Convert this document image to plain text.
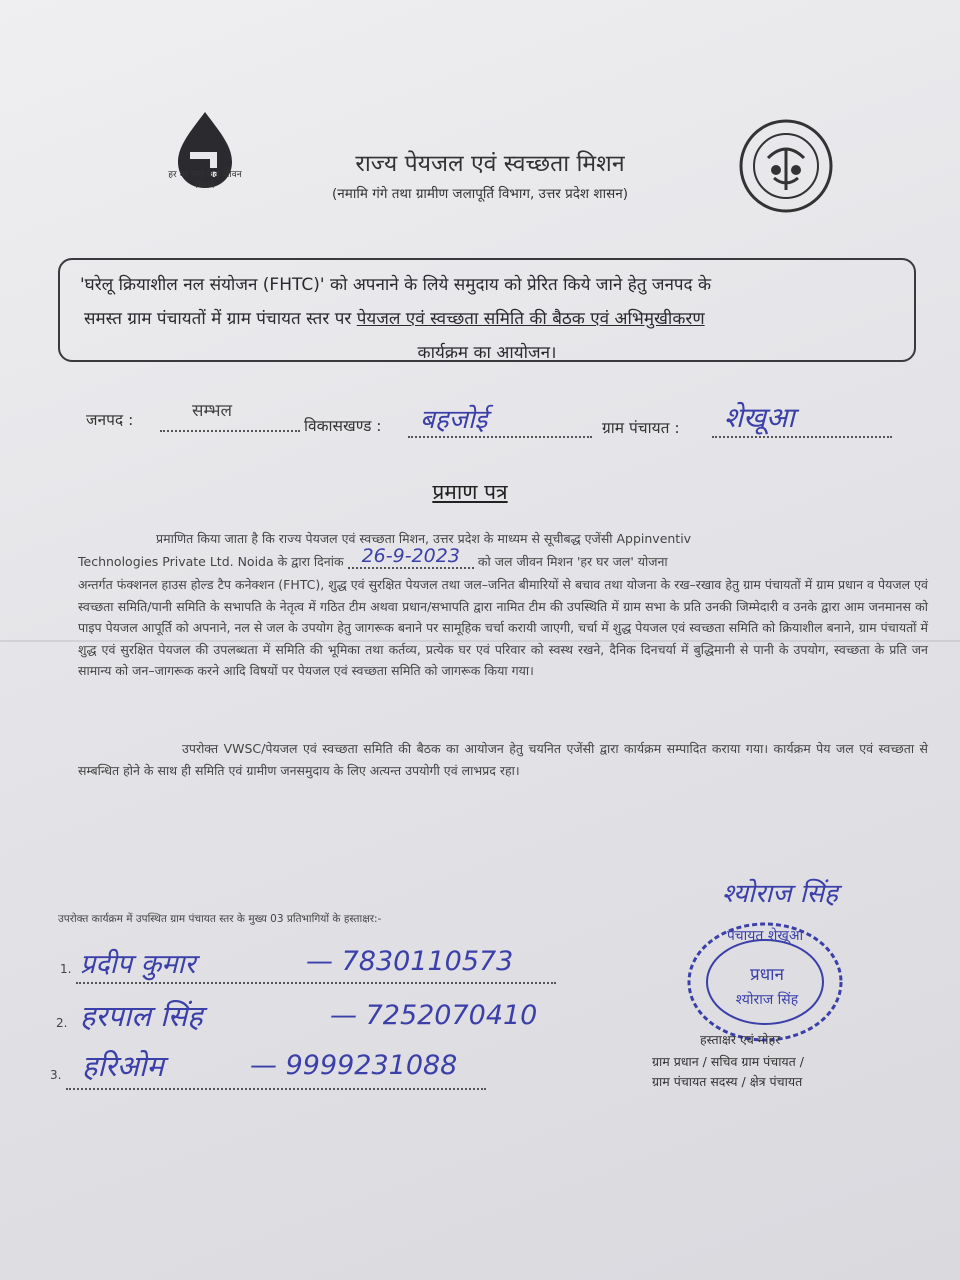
हर घर जल जल जीवन मिशन
राज्य पेयजल एवं स्वच्छता मिशन
(नमामि गंगे तथा ग्रामीण जलापूर्ति विभाग, उत्तर प्रदेश शासन)
'घरेलू क्रियाशील नल संयोजन (FHTC)' को अपनाने के लिये समुदाय को प्रेरित किये जाने हेतु जनपद के
समस्त ग्राम पंचायतों में ग्राम पंचायत स्तर पर पेयजल एवं स्वच्छता समिति की बैठक एवं अभिमुखीकरण
कार्यक्रम का आयोजन।
जनपद :	सम्भल
विकासखण्ड : बहजोई	ग्राम पंचायत : शेखूआ
प्रमाण पत्र
प्रमाणित किया जाता है कि राज्य पेयजल एवं स्वच्छता मिशन, उत्तर प्रदेश के माध्यम से सूचीबद्ध एजेंसी Appinventiv
Technologies Private Ltd. Noida के द्वारा दिनांक 26-9-2023 को जल जीवन मिशन 'हर घर जल' योजना
अन्तर्गत फंक्शनल हाउस होल्ड टैप कनेक्शन (FHTC), शुद्ध एवं सुरक्षित पेयजल तथा जल–जनित बीमारियों से बचाव तथा योजना के रख–रखाव हेतु ग्राम पंचायतों में ग्राम प्रधान व पेयजल एवं स्वच्छता समिति/पानी समिति के सभापति के नेतृत्व में गठित टीम अथवा प्रधान/सभापति द्वारा नामित टीम की उपस्थिति में ग्राम सभा के प्रति उनकी जिम्मेदारी व उनके द्वारा आम जनमानस को पाइप पेयजल आपूर्ति को अपनाने, नल से जल के उपयोग हेतु जागरूक बनाने पर सामूहिक चर्चा करायी जाएगी, चर्चा में शुद्ध पेयजल एवं स्वच्छता समिति को क्रियाशील बनाने, ग्राम पंचायतों में शुद्ध एवं सुरक्षित पेयजल की उपलब्धता में समिति की भूमिका तथा कर्तव्य, प्रत्येक घर एवं परिवार को स्वस्थ रखने, दैनिक दिनचर्या में बुद्धिमानी से पानी के उपयोग, स्वच्छता के प्रति जन सामान्य को जन–जागरूक करने आदि विषयों पर पेयजल एवं स्वच्छता समिति को जागरूक किया गया।
उपरोक्त VWSC/पेयजल एवं स्वच्छता समिति की बैठक का आयोजन हेतु चयनित एजेंसी द्वारा कार्यक्रम सम्पादित कराया गया। कार्यक्रम पेय जल एवं स्वच्छता से सम्बन्धित होने के साथ ही समिति एवं ग्रामीण जनसमुदाय के लिए अत्यन्त उपयोगी एवं लाभप्रद रहा।
उपरोक्त कार्यक्रम में उपस्थित ग्राम पंचायत स्तर के मुख्य 03 प्रतिभागियों के हस्ताक्षर:-
1. प्रदीप कुमार	— 7830110573
2. हरपाल सिंह	— 7252070410
3. हरिओम	— 9999231088
श्योराज सिंह
पंचायत शेखूआ
प्रधान
श्योराज सिंह
हस्ताक्षर एवं मोहर
ग्राम प्रधान / सचिव ग्राम पंचायत /
ग्राम पंचायत सदस्य / क्षेत्र पंचायत
